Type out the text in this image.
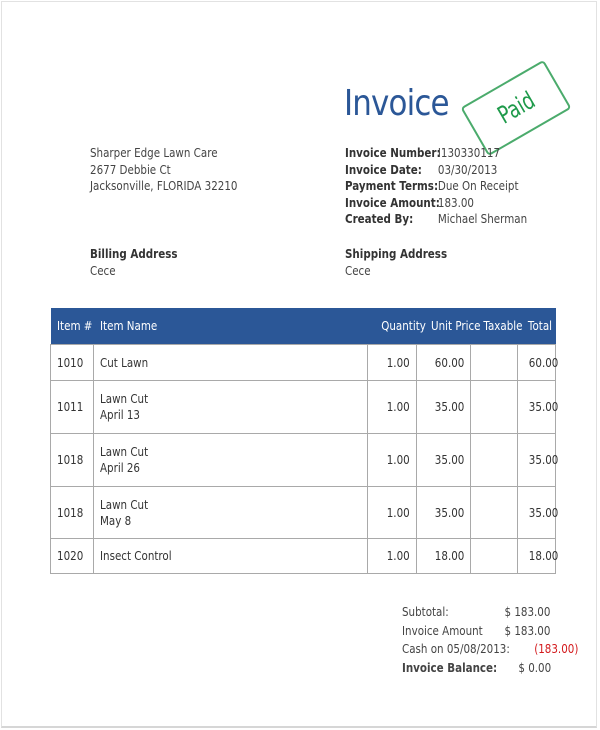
Invoice Paid
Sharper Edge Lawn Care
2677 Debbie Ct
Jacksonville, FLORIDA 32210
Invoice Number:
I130330117
Invoice Date:	03/30/2013
Payment Terms: Due On Receipt
Invoice Amount:
183.00
Created By:	Michael Sherman
Billing Address
Cece
Shipping Address
Cece
Item #	Item Name	Quantity	Unit Price	Taxable	Total
1010	Cut Lawn	1.00	60.00		60.00
1011	Lawn Cut
April 13	1.00	35.00		35.00
1018	Lawn Cut
April 26	1.00	35.00		35.00
1018	Lawn Cut
May 8	1.00	35.00		35.00
1020	Insect Control	1.00	18.00		18.00
Subtotal:	$ 183.00
Invoice Amount $ 183.00
Cash on 05/08/2013: (183.00)
Invoice Balance: $ 0.00
